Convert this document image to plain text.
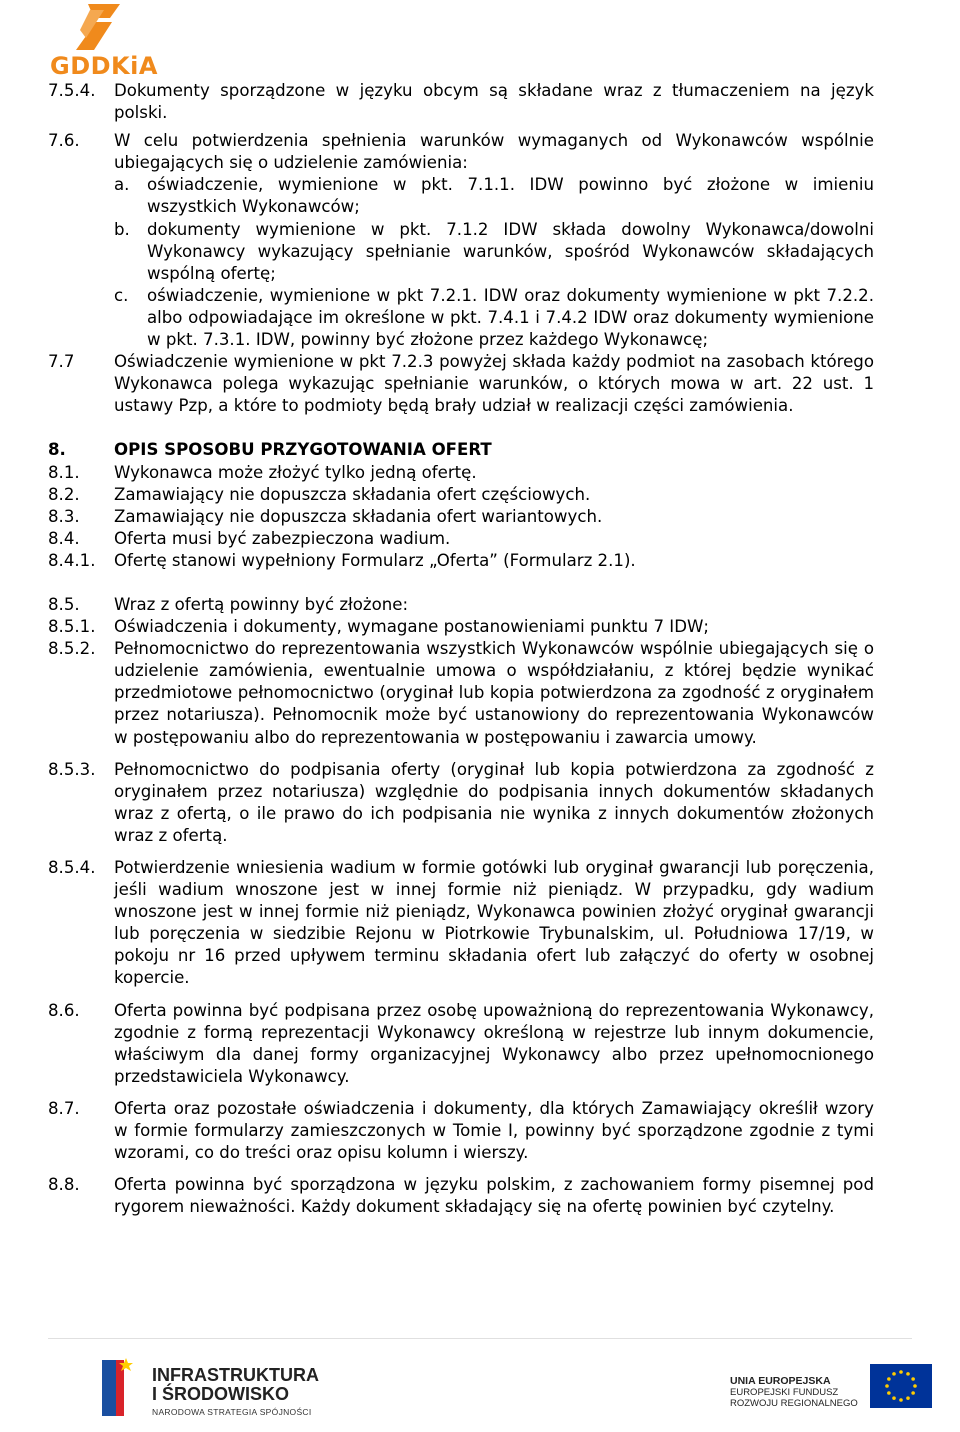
GDDKiA
7.5.4.	Dokumenty sporządzone w języku obcym są składane wraz z tłumaczeniem na język polski.
7.6.	W celu potwierdzenia spełnienia warunków wymaganych od Wykonawców wspólnie ubiegających się o udzielenie zamówienia:
a.	oświadczenie, wymienione w pkt. 7.1.1. IDW powinno być złożone w imieniu wszystkich Wykonawców;
b.	dokumenty wymienione w pkt. 7.1.2 IDW składa dowolny Wykonawca/dowolni Wykonawcy wykazujący spełnianie warunków, spośród Wykonawców składających wspólną ofertę;
c.	oświadczenie, wymienione w pkt 7.2.1. IDW oraz dokumenty wymienione w pkt 7.2.2. albo odpowiadające im określone w pkt. 7.4.1 i 7.4.2 IDW oraz dokumenty wymienione w pkt. 7.3.1. IDW, powinny być złożone przez każdego Wykonawcę;
7.7	Oświadczenie wymienione w pkt 7.2.3 powyżej składa każdy podmiot na zasobach którego Wykonawca polega wykazując spełnianie warunków, o których mowa w art. 22 ust. 1 ustawy Pzp, a które to podmioty będą brały udział w realizacji części zamówienia.
8.	OPIS SPOSOBU PRZYGOTOWANIA OFERT
8.1.	Wykonawca może złożyć tylko jedną ofertę.
8.2.	Zamawiający nie dopuszcza składania ofert częściowych.
8.3.	Zamawiający nie dopuszcza składania ofert wariantowych.
8.4.	Oferta musi być zabezpieczona wadium.
8.4.1.	Ofertę stanowi wypełniony Formularz „Oferta” (Formularz 2.1).
8.5.	Wraz z ofertą powinny być złożone:
8.5.1.	Oświadczenia i dokumenty, wymagane postanowieniami punktu 7 IDW;
8.5.2.	Pełnomocnictwo do reprezentowania wszystkich Wykonawców wspólnie ubiegających się o udzielenie zamówienia, ewentualnie umowa o współdziałaniu, z której będzie wynikać przedmiotowe pełnomocnictwo (oryginał lub kopia potwierdzona za zgodność z oryginałem przez notariusza). Pełnomocnik może być ustanowiony do reprezentowania Wykonawców w postępowaniu albo do reprezentowania w postępowaniu i zawarcia umowy.
8.5.3.	Pełnomocnictwo do podpisania oferty (oryginał lub kopia potwierdzona za zgodność z oryginałem przez notariusza) względnie do podpisania innych dokumentów składanych wraz z ofertą, o ile prawo do ich podpisania nie wynika z innych dokumentów złożonych wraz z ofertą.
8.5.4.	Potwierdzenie wniesienia wadium w formie gotówki lub oryginał gwarancji lub poręczenia, jeśli wadium wnoszone jest w innej formie niż pieniądz. W przypadku, gdy wadium wnoszone jest w innej formie niż pieniądz, Wykonawca powinien złożyć oryginał gwarancji lub poręczenia w siedzibie Rejonu w Piotrkowie Trybunalskim, ul. Południowa 17/19, w pokoju nr 16 przed upływem terminu składania ofert lub załączyć do oferty w osobnej kopercie.
8.6.	Oferta powinna być podpisana przez osobę upoważnioną do reprezentowania Wykonawcy, zgodnie z formą reprezentacji Wykonawcy określoną w rejestrze lub innym dokumencie, właściwym dla danej formy organizacyjnej Wykonawcy albo przez upełnomocnionego przedstawiciela Wykonawcy.
8.7.	Oferta oraz pozostałe oświadczenia i dokumenty, dla których Zamawiający określił wzory w formie formularzy zamieszczonych w Tomie I, powinny być sporządzone zgodnie z tymi wzorami, co do treści oraz opisu kolumn i wierszy.
8.8.	Oferta powinna być sporządzona w języku polskim, z zachowaniem formy pisemnej pod rygorem nieważności. Każdy dokument składający się na ofertę powinien być czytelny.
INFRASTRUKTURA
I ŚRODOWISKO
NARODOWA STRATEGIA SPÓJNOŚCI
UNIA EUROPEJSKA
EUROPEJSKI FUNDUSZ
ROZWOJU REGIONALNEGO
